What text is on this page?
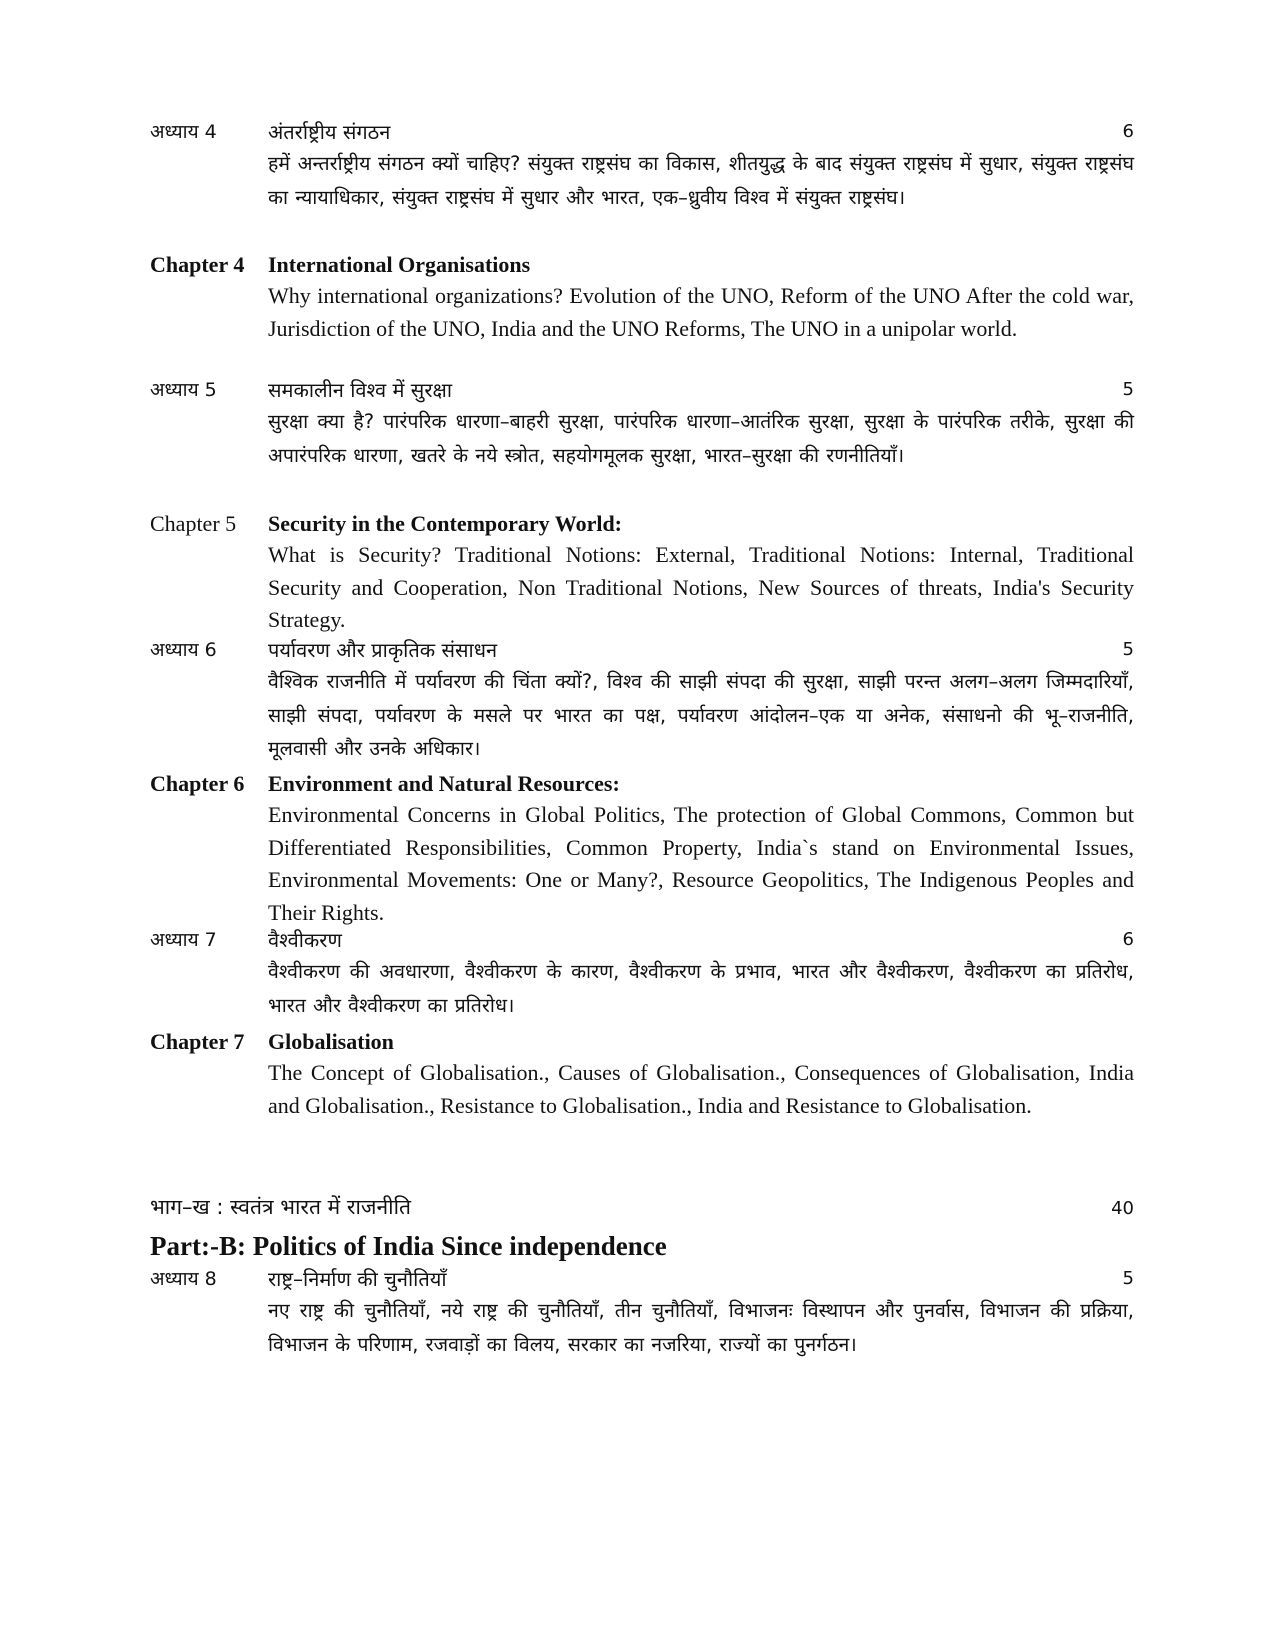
अध्याय 4	अंतर्राष्ट्रीय संगठन	6
हमें अन्तर्राष्ट्रीय संगठन क्यों चाहिए? संयुक्त राष्ट्रसंघ का विकास, शीतयुद्ध के बाद संयुक्त राष्ट्रसंघ में सुधार, संयुक्त राष्ट्रसंघ का न्यायाधिकार, संयुक्त राष्ट्रसंघ में सुधार और भारत, एक–ध्रुवीय विश्व में संयुक्त राष्ट्रसंघ।
Chapter 4 International Organisations
Why international organizations? Evolution of the UNO, Reform of the UNO After the cold war, Jurisdiction of the UNO, India and the UNO Reforms, The UNO in a unipolar world.
अध्याय 5	समकालीन विश्व में सुरक्षा	5
सुरक्षा क्या है? पारंपरिक धारणा–बाहरी सुरक्षा, पारंपरिक धारणा–आतंरिक सुरक्षा, सुरक्षा के पारंपरिक तरीके, सुरक्षा की अपारंपरिक धारणा, खतरे के नये स्त्रोत, सहयोगमूलक सुरक्षा, भारत–सुरक्षा की रणनीतियाँ।
Chapter 5 Security in the Contemporary World:
What is Security? Traditional Notions: External, Traditional Notions: Internal, Traditional Security and Cooperation, Non Traditional Notions, New Sources of threats, India's Security Strategy.
अध्याय 6	पर्यावरण और प्राकृतिक संसाधन	5
वैश्विक राजनीति में पर्यावरण की चिंता क्यों?, विश्व की साझी संपदा की सुरक्षा, साझी परन्त अलग–अलग जिम्मदारियाँ, साझी संपदा, पर्यावरण के मसले पर भारत का पक्ष, पर्यावरण आंदोलन–एक या अनेक, संसाधनो की भू–राजनीति, मूलवासी और उनके अधिकार।
Chapter 6 Environment and Natural Resources:
Environmental Concerns in Global Politics, The protection of Global Commons, Common but Differentiated Responsibilities, Common Property, India`s stand on Environmental Issues, Environmental Movements: One or Many?, Resource Geopolitics, The Indigenous Peoples and Their Rights.
अध्याय 7	वैश्वीकरण	6
वैश्वीकरण की अवधारणा, वैश्वीकरण के कारण, वैश्वीकरण के प्रभाव, भारत और वैश्वीकरण, वैश्वीकरण का प्रतिरोध, भारत और वैश्वीकरण का प्रतिरोध।
Chapter 7 Globalisation
The Concept of Globalisation., Causes of Globalisation., Consequences of Globalisation, India and Globalisation., Resistance to Globalisation., India and Resistance to Globalisation.
भाग–ख : स्वतंत्र भारत में राजनीति	40
Part:-B: Politics of India Since independence
अध्याय 8	राष्ट्र–निर्माण की चुनौतियाँ	5
नए राष्ट्र की चुनौतियाँ, नये राष्ट्र की चुनौतियाँ, तीन चुनौतियाँ, विभाजनः विस्थापन और पुनर्वास, विभाजन की प्रक्रिया, विभाजन के परिणाम, रजवाड़ों का विलय, सरकार का नजरिया, राज्यों का पुनर्गठन।
